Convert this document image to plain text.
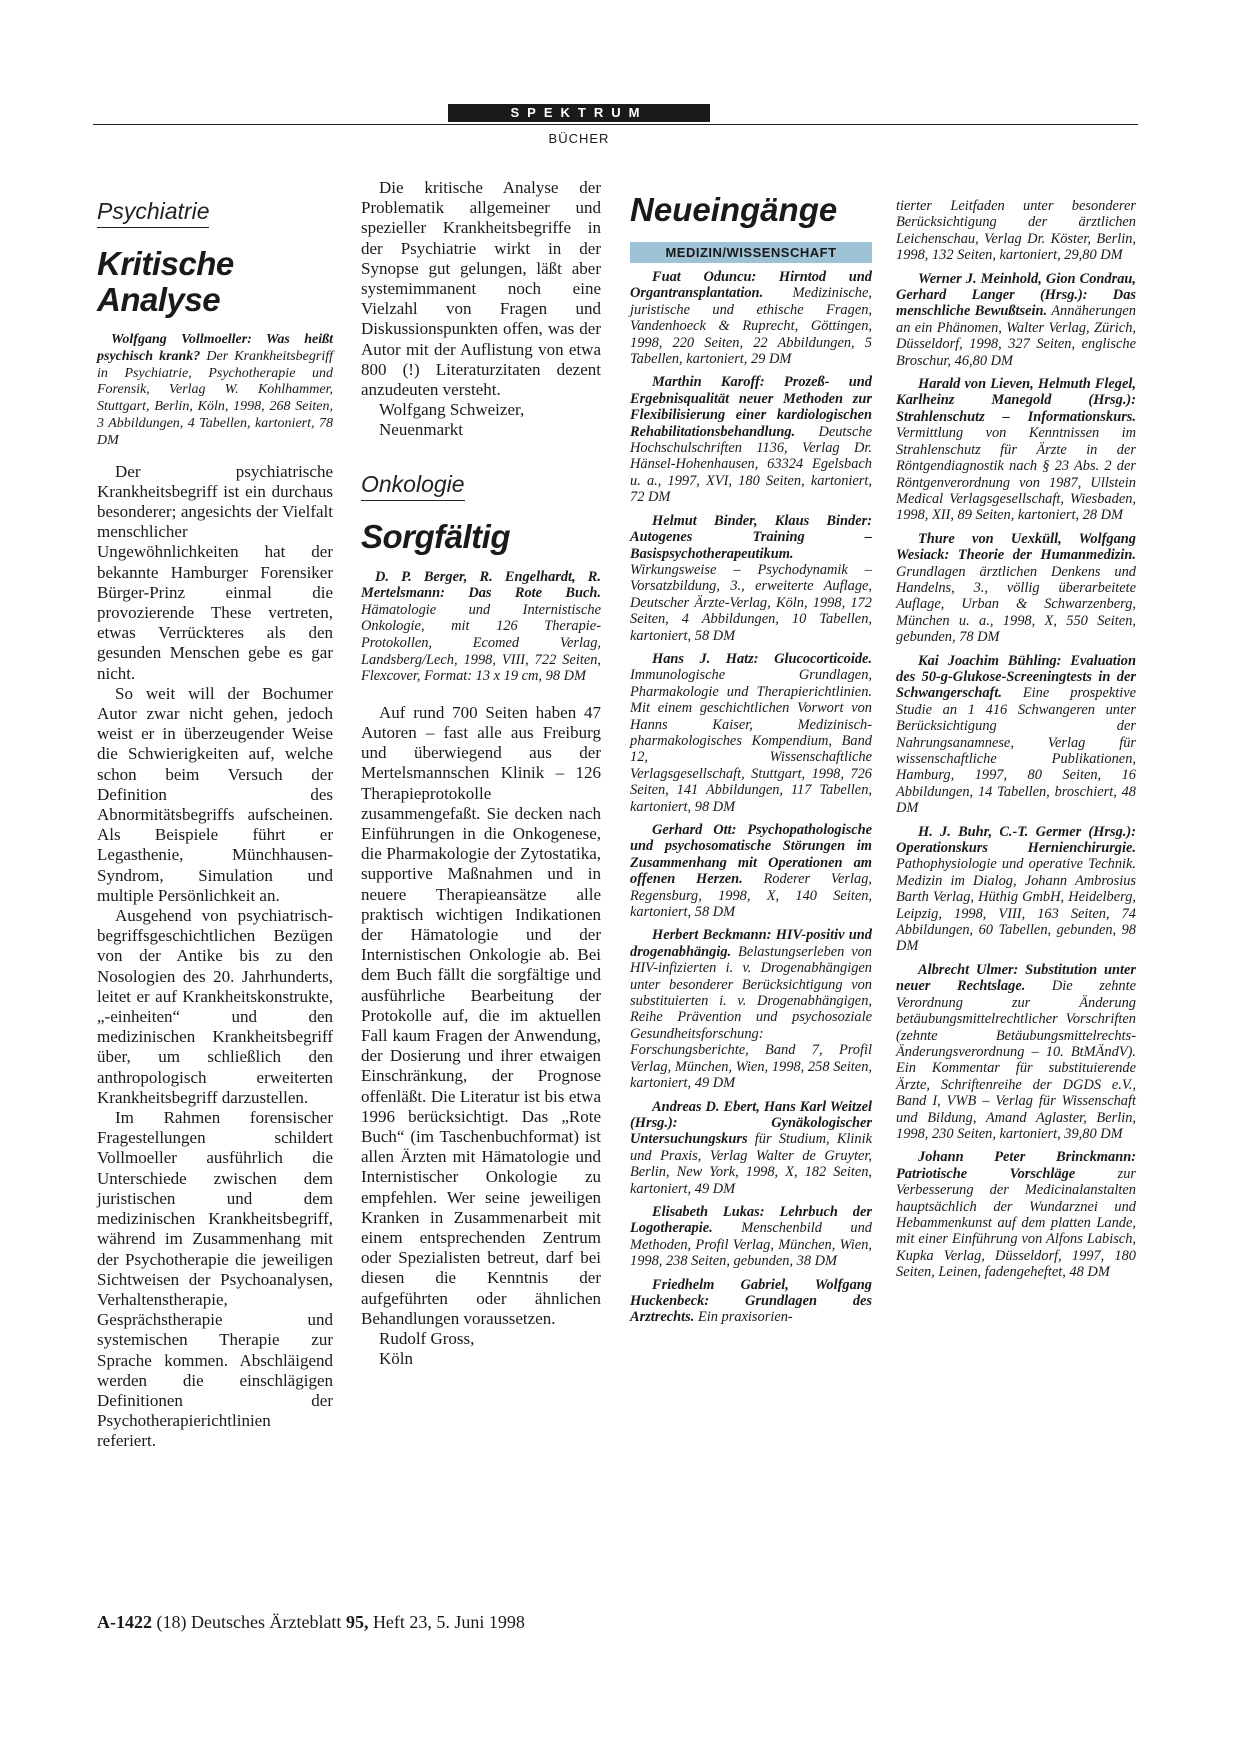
SPEKTRUM
BÜCHER
Psychiatrie
Kritische
Analyse
Wolfgang Vollmoeller: Was heißt psychisch krank? Der Krankheitsbegriff in Psychiatrie, Psychotherapie und Forensik, Verlag W. Kohlhammer, Stuttgart, Berlin, Köln, 1998, 268 Seiten, 3 Abbildungen, 4 Tabellen, kartoniert, 78 DM

Der psychiatrische Krankheitsbegriff ist ein durchaus besonderer; angesichts der Vielfalt menschlicher Ungewöhnlichkeiten hat der bekannte Hamburger Forensiker Bürger-Prinz einmal die provozierende These vertreten, etwas Verrückteres als den gesunden Menschen gebe es gar nicht.

So weit will der Bochumer Autor zwar nicht gehen, jedoch weist er in überzeugender Weise die Schwierigkeiten auf, welche schon beim Versuch der Definition des Abnormitätsbegriffs aufscheinen. Als Beispiele führt er Legasthenie, Münchhausen-Syndrom, Simulation und multiple Persönlichkeit an.

Ausgehend von psychiatrisch-begriffsgeschichtlichen Bezügen von der Antike bis zu den Nosologien des 20. Jahrhunderts, leitet er auf Krankheitskonstrukte, „-einheiten“ und den medizinischen Krankheitsbegriff über, um schließlich den anthropologisch erweiterten Krankheitsbegriff darzustellen.

Im Rahmen forensischer Fragestellungen schildert Vollmoeller ausführlich die Unterschiede zwischen dem juristischen und dem medizinischen Krankheitsbegriff, während im Zusammenhang mit der Psychotherapie die jeweiligen Sichtweisen der Psychoanalysen, Verhaltenstherapie, Gesprächstherapie und systemischen Therapie zur Sprache kommen. Abschläigend werden die einschlägigen Definitionen der Psychotherapierichtlinien referiert.

Die kritische Analyse der Problematik allgemeiner und spezieller Krankheitsbegriffe in der Psychiatrie wirkt in der Synopse gut gelungen, läßt aber systemimmanent noch eine Vielzahl von Fragen und Diskussionspunkten offen, was der Autor mit der Auflistung von etwa 800 (!) Literaturzitaten dezent anzudeuten versteht.

Wolfgang Schweizer,
Neuenmarkt
Onkologie
Sorgfältig
D. P. Berger, R. Engelhardt, R. Mertelsmann: Das Rote Buch. Hämatologie und Internistische Onkologie, mit 126 Therapie-Protokollen, Ecomed Verlag, Landsberg/Lech, 1998, VIII, 722 Seiten, Flexcover, Format: 13 x 19 cm, 98 DM

Auf rund 700 Seiten haben 47 Autoren – fast alle aus Freiburg und überwiegend aus der Mertelsmannschen Klinik – 126 Therapieprotokolle zusammengefaßt. Sie decken nach Einführungen in die Onkogenese, die Pharmakologie der Zytostatika, supportive Maßnahmen und in neuere Therapieansätze alle praktisch wichtigen Indikationen der Hämatologie und der Internistischen Onkologie ab. Bei dem Buch fällt die sorgfältige und ausführliche Bearbeitung der Protokolle auf, die im aktuellen Fall kaum Fragen der Anwendung, der Dosierung und ihrer etwaigen Einschränkung, der Prognose offenläßt. Die Literatur ist bis etwa 1996 berücksichtigt. Das „Rote Buch“ (im Taschenbuchformat) ist allen Ärzten mit Hämatologie und Internistischer Onkologie zu empfehlen. Wer seine jeweiligen Kranken in Zusammenarbeit mit einem entsprechenden Zentrum oder Spezialisten betreut, darf bei diesen die Kenntnis der aufgeführten oder ähnlichen Behandlungen voraussetzen.

Rudolf Gross,
Köln
Neueingänge
MEDIZIN/WISSENSCHAFT
Fuat Oduncu: Hirntod und Organtransplantation. Medizinische, juristische und ethische Fragen, Vandenhoeck & Ruprecht, Göttingen, 1998, 220 Seiten, 22 Abbildungen, 5 Tabellen, kartoniert, 29 DM
Marthin Karoff: Prozeß- und Ergebnisqualität neuer Methoden zur Flexibilisierung einer kardiologischen Rehabilitationsbehandlung. Deutsche Hochschulschriften 1136, Verlag Dr. Hänsel-Hohenhausen, 63324 Egelsbach u. a., 1997, XVI, 180 Seiten, kartoniert, 72 DM
Helmut Binder, Klaus Binder: Autogenes Training – Basispsychotherapeutikum. Wirkungsweise – Psychodynamik – Vorsatzbildung, 3., erweiterte Auflage, Deutscher Ärzte-Verlag, Köln, 1998, 172 Seiten, 4 Abbildungen, 10 Tabellen, kartoniert, 58 DM
Hans J. Hatz: Glucocorticoide. Immunologische Grundlagen, Pharmakologie und Therapierichtlinien. Mit einem geschichtlichen Vorwort von Hanns Kaiser, Medizinisch-pharmakologisches Kompendium, Band 12, Wissenschaftliche Verlagsgesellschaft, Stuttgart, 1998, 726 Seiten, 141 Abbildungen, 117 Tabellen, kartoniert, 98 DM
Gerhard Ott: Psychopathologische und psychosomatische Störungen im Zusammenhang mit Operationen am offenen Herzen. Roderer Verlag, Regensburg, 1998, X, 140 Seiten, kartoniert, 58 DM
Herbert Beckmann: HIV-positiv und drogenabhängig. Belastungserleben von HIV-infizierten i. v. Drogenabhängigen unter besonderer Berücksichtigung von substituierten i. v. Drogenabhängigen, Reihe Prävention und psychosoziale Gesundheitsforschung: Forschungsberichte, Band 7, Profil Verlag, München, Wien, 1998, 258 Seiten, kartoniert, 49 DM
Andreas D. Ebert, Hans Karl Weitzel (Hrsg.): Gynäkologischer Untersuchungskurs für Studium, Klinik und Praxis, Verlag Walter de Gruyter, Berlin, New York, 1998, X, 182 Seiten, kartoniert, 49 DM
Elisabeth Lukas: Lehrbuch der Logotherapie. Menschenbild und Methoden, Profil Verlag, München, Wien, 1998, 238 Seiten, gebunden, 38 DM
Friedhelm Gabriel, Wolfgang Huckenbeck: Grundlagen des Arztrechts. Ein praxisorien-
tierter Leitfaden unter besonderer Berücksichtigung der ärztlichen Leichenschau, Verlag Dr. Köster, Berlin, 1998, 132 Seiten, kartoniert, 29,80 DM
Werner J. Meinhold, Gion Condrau, Gerhard Langer (Hrsg.): Das menschliche Bewußtsein. Annäherungen an ein Phänomen, Walter Verlag, Zürich, Düsseldorf, 1998, 327 Seiten, englische Broschur, 46,80 DM
Harald von Lieven, Helmuth Flegel, Karlheinz Manegold (Hrsg.): Strahlenschutz – Informationskurs. Vermittlung von Kenntnissen im Strahlenschutz für Ärzte in der Röntgendiagnostik nach § 23 Abs. 2 der Röntgenverordnung von 1987, Ullstein Medical Verlagsgesellschaft, Wiesbaden, 1998, XII, 89 Seiten, kartoniert, 28 DM
Thure von Uexküll, Wolfgang Wesiack: Theorie der Humanmedizin. Grundlagen ärztlichen Denkens und Handelns, 3., völlig überarbeitete Auflage, Urban & Schwarzenberg, München u. a., 1998, X, 550 Seiten, gebunden, 78 DM
Kai Joachim Bühling: Evaluation des 50-g-Glukose-Screeningtests in der Schwangerschaft. Eine prospektive Studie an 1 416 Schwangeren unter Berücksichtigung der Nahrungsanamnese, Verlag für wissenschaftliche Publikationen, Hamburg, 1997, 80 Seiten, 16 Abbildungen, 14 Tabellen, broschiert, 48 DM
H. J. Buhr, C.-T. Germer (Hrsg.): Operationskurs Hernienchirurgie. Pathophysiologie und operative Technik. Medizin im Dialog, Johann Ambrosius Barth Verlag, Hüthig GmbH, Heidelberg, Leipzig, 1998, VIII, 163 Seiten, 74 Abbildungen, 60 Tabellen, gebunden, 98 DM
Albrecht Ulmer: Substitution unter neuer Rechtslage. Die zehnte Verordnung zur Änderung betäubungsmittelrechtlicher Vorschriften (zehnte Betäubungsmittelrechts-Änderungsverordnung – 10. BtMÄndV). Ein Kommentar für substituierende Ärzte, Schriftenreihe der DGDS e.V., Band I, VWB – Verlag für Wissenschaft und Bildung, Amand Aglaster, Berlin, 1998, 230 Seiten, kartoniert, 39,80 DM
Johann Peter Brinckmann: Patriotische Vorschläge zur Verbesserung der Medicinalanstalten hauptsächlich der Wundarznei und Hebammenkunst auf dem platten Lande, mit einer Einführung von Alfons Labisch, Kupka Verlag, Düsseldorf, 1997, 180 Seiten, Leinen, fadengeheftet, 48 DM
A-1422 (18) Deutsches Ärzteblatt 95, Heft 23, 5. Juni 1998
